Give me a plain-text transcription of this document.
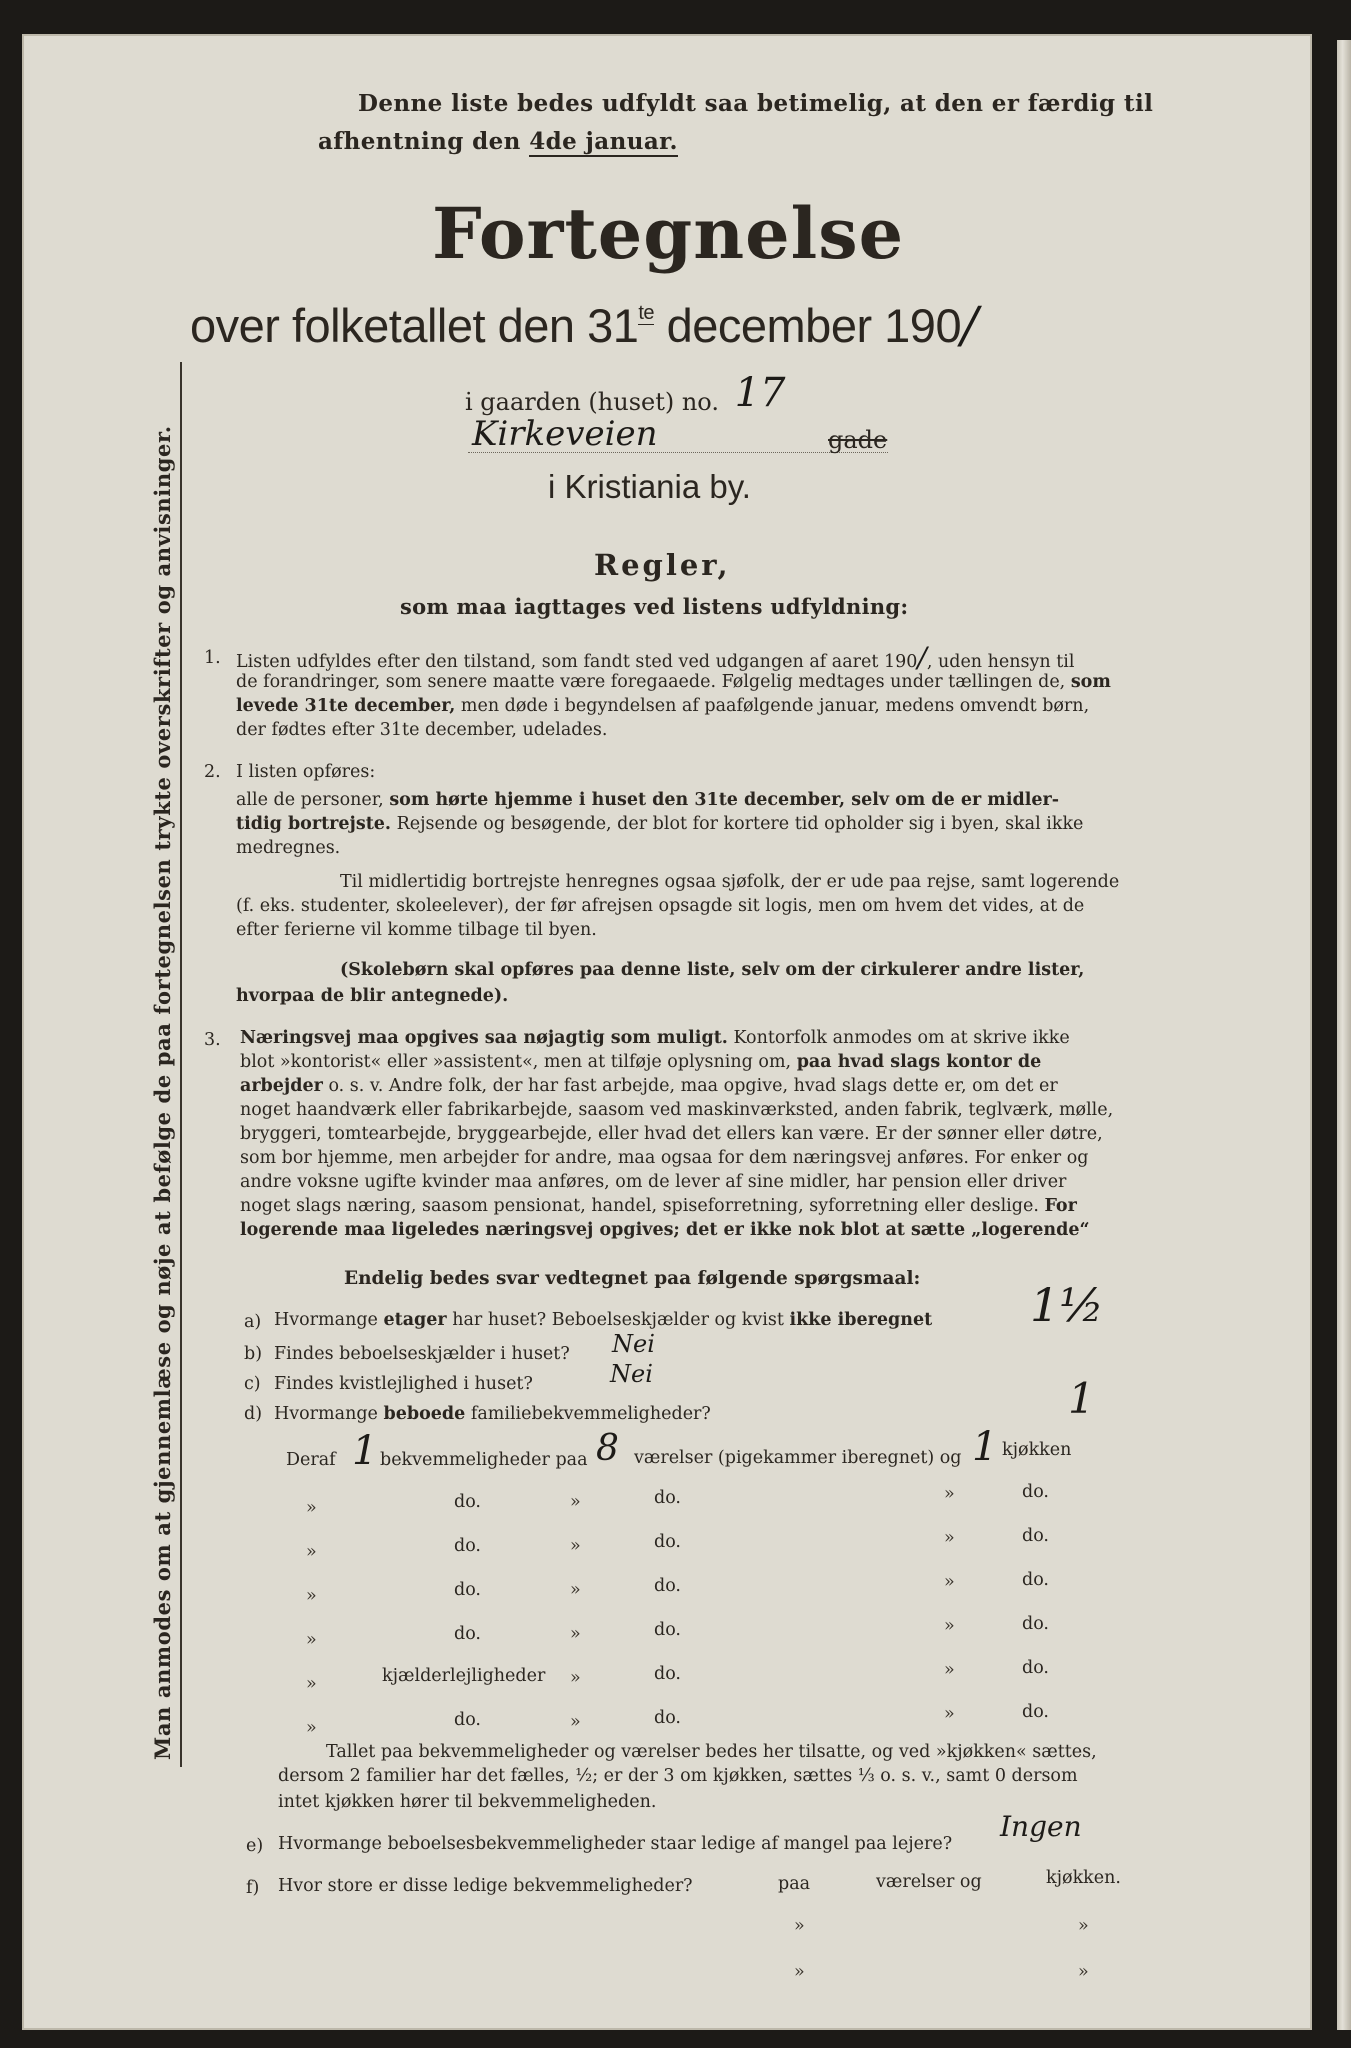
Denne liste bedes udfyldt saa betimelig, at den er færdig til
afhentning den 4de januar.
Fortegnelse
over folketallet den $31^{te}$ december 190/
i gaarden (huset) no. 17
Kirkeveien	gade
i Kristiania by.
Man anmodes om at gjennemlæse og nøje at befølge de paa fortegnelsen trykte overskrifter og anvisninger.	Regler,
som maa iagttages ved listens udfyldning:
1. Listen udfyldes efter den tilstand, som fandt sted ved udgangen af aaret 190/, uden hensyn til
de forandringer, som senere maatte være foregaaede. Følgelig medtages under tællingen de, som
levede 31te december, men døde i begyndelsen af paafølgende januar, medens omvendt børn,
der fødtes efter 31te december, udelades.
2. I listen opføres:
alle de personer, som hørte hjemme i huset den 31te december, selv om de er midler-
tidig bortrejste. Rejsende og besøgende, der blot for kortere tid opholder sig i byen, skal ikke
medregnes.
Til midlertidig bortrejste henregnes ogsaa sjøfolk, der er ude paa rejse, samt logerende
(f. eks. studenter, skoleelever), der før afrejsen opsagde sit logis, men om hvem det vides, at de
efter ferierne vil komme tilbage til byen.
(Skolebørn skal opføres paa denne liste, selv om der cirkulerer andre lister,
hvorpaa de blir antegnede).
3. Næringsvej maa opgives saa nøjagtig som muligt. Kontorfolk anmodes om at skrive ikke
blot »kontorist« eller »assistent«, men at tilføje oplysning om, paa hvad slags kontor de
arbejder o. s. v. Andre folk, der har fast arbejde, maa opgive, hvad slags dette er, om det er
noget haandværk eller fabrikarbejde, saasom ved maskinværksted, anden fabrik, teglværk, mølle,
bryggeri, tomtearbejde, bryggearbejde, eller hvad det ellers kan være. Er der sønner eller døtre,
som bor hjemme, men arbejder for andre, maa ogsaa for dem næringsvej anføres. For enker og
andre voksne ugifte kvinder maa anføres, om de lever af sine midler, har pension eller driver
noget slags næring, saasom pensionat, handel, spiseforretning, syforretning eller deslige. For
logerende maa ligeledes næringsvej opgives; det er ikke nok blot at sætte „logerende“
Endelig bedes svar vedtegnet paa følgende spørgsmaal:
a) Hvormange etager har huset? Beboelseskjælder og kvist ikke iberegnet 1½
b) Findes beboelseskjælder i huset? Nei
c) Findes kvistlejlighed i huset?	Nei
d) Hvormange beboede familiebekvemmeligheder?	1
Deraf 1 bekvemmeligheder paa 8 værelser (pigekammer iberegnet) og 1 kjøkken
»	do.	»	do.	»	do.
»	do.	»	do.	»	do.
»	do.	»	do.	»	do.
»	do.	»	do.	»	do.
»	kjælderlejligheder »	do.	»	do.
»	do.	»	do.	»	do.
Tallet paa bekvemmeligheder og værelser bedes her tilsatte, og ved »kjøkken« sættes,
dersom 2 familier har det fælles, ½; er der 3 om kjøkken, sættes ⅓ o. s. v., samt 0 dersom
intet kjøkken hører til bekvemmeligheden.
e) Hvormange beboelsesbekvemmeligheder staar ledige af mangel paa lejere?
Ingen
f) Hvor store er disse ledige bekvemmeligheder?	paa	værelser og	kjøkken.
»	»
»	»
